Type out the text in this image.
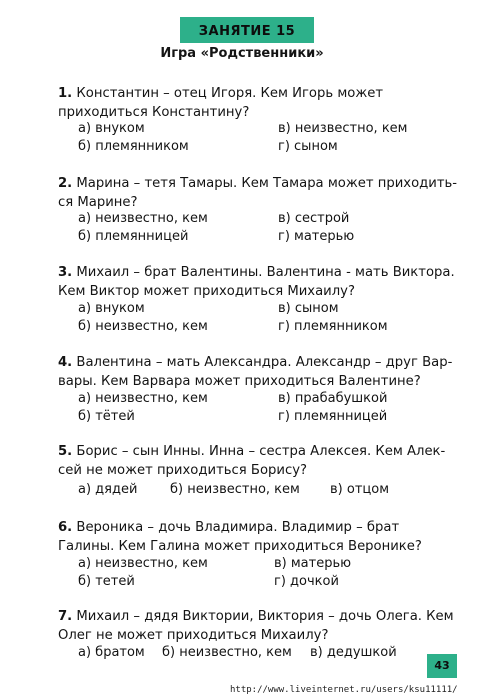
ЗАНЯТИЕ 15
Игра «Родственники»

1. Константин – отец Игоря. Кем Игорь может приходиться Константину?

а) внуком	в) неизвестно, кем
б) племянником	г) сыном

2. Марина – тетя Тамары. Кем Тамара может приходить-ся Марине?

а) неизвестно, кем	в) сестрой
б) племянницей	г) матерью

3. Михаил – брат Валентины. Валентина - мать Виктора. Кем Виктор может приходиться Михаилу?

а) внуком	в) сыном
б) неизвестно, кем	г) племянником

4. Валентина – мать Александра. Александр – друг Вар-вары. Кем Варвара может приходиться Валентине?

а) неизвестно, кем	в) прабабушкой
б) тётей	г) племянницей

5. Борис – сын Инны. Инна – сестра Алексея. Кем Алек-сей не может приходиться Борису?

а) дядей	б) неизвестно, кем в) отцом

6. Вероника – дочь Владимира. Владимир – брат Галины. Кем Галина может приходиться Веронике?

а) неизвестно, кем	в) матерью
б) тетей	г) дочкой

7. Михаил – дядя Виктории, Виктория – дочь Олега. Кем Олег не может приходиться Михаилу?

а) братом б) неизвестно, кем в) дедушкой
43
http://www.liveinternet.ru/users/ksu11111/
